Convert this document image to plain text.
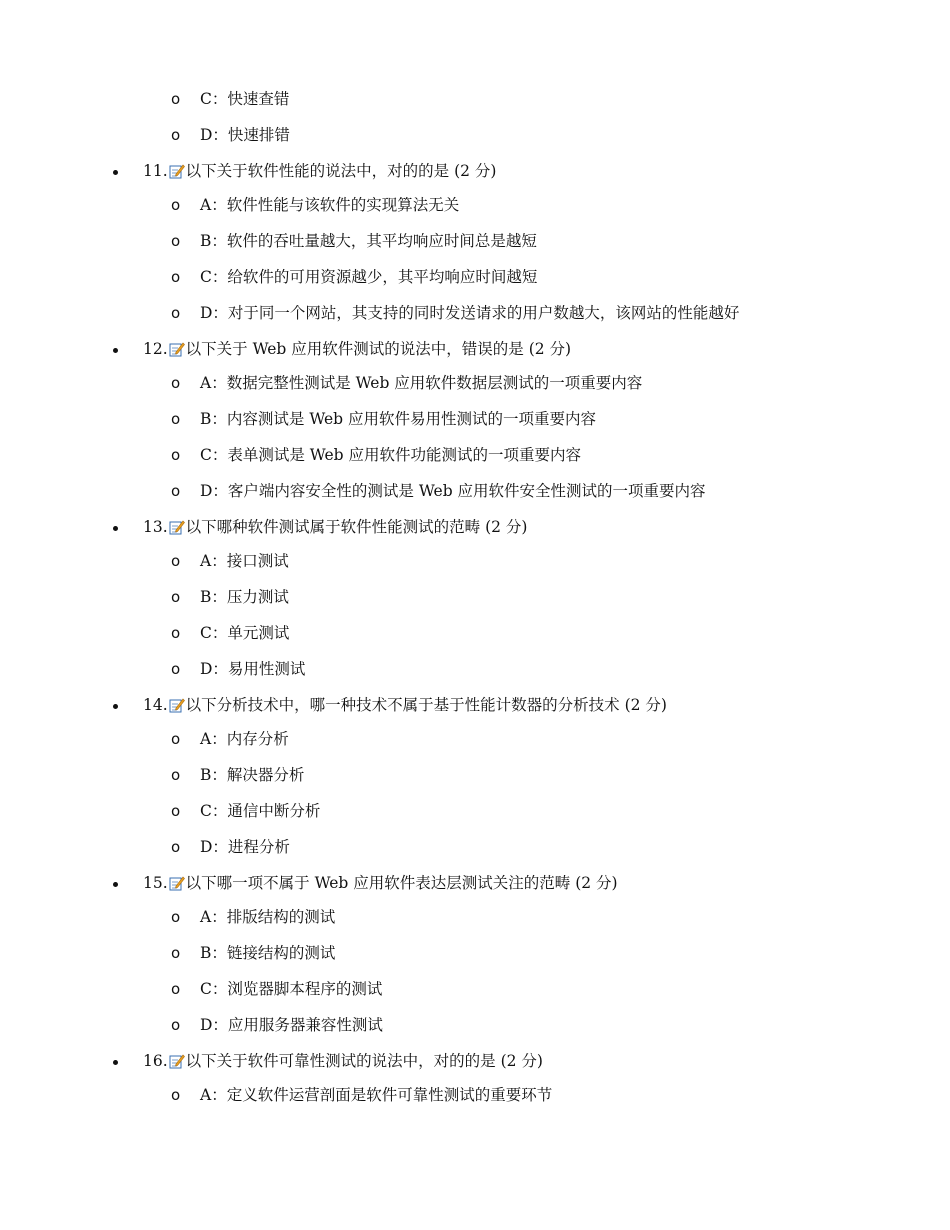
o C：快速查错
o D：快速排错
11. 以下关于软件性能的说法中，对的的是 (2 分)
o A：软件性能与该软件的实现算法无关
o B：软件的吞吐量越大，其平均响应时间总是越短
o C：给软件的可用资源越少，其平均响应时间越短
o D：对于同一个网站，其支持的同时发送请求的用户数越大，该网站的性能越好
12. 以下关于 Web 应用软件测试的说法中，错误的是 (2 分)
o A：数据完整性测试是 Web 应用软件数据层测试的一项重要内容
o B：内容测试是 Web 应用软件易用性测试的一项重要内容
o C：表单测试是 Web 应用软件功能测试的一项重要内容
o D：客户端内容安全性的测试是 Web 应用软件安全性测试的一项重要内容
13. 以下哪种软件测试属于软件性能测试的范畴 (2 分)
o A：接口测试
o B：压力测试
o C：单元测试
o D：易用性测试
14. 以下分析技术中，哪一种技术不属于基于性能计数器的分析技术 (2 分)
o A：内存分析
o B：解决器分析
o C：通信中断分析
o D：进程分析
15. 以下哪一项不属于 Web 应用软件表达层测试关注的范畴 (2 分)
o A：排版结构的测试
o B：链接结构的测试
o C：浏览器脚本程序的测试
o D：应用服务器兼容性测试
16. 以下关于软件可靠性测试的说法中，对的的是 (2 分)
o A：定义软件运营剖面是软件可靠性测试的重要环节
